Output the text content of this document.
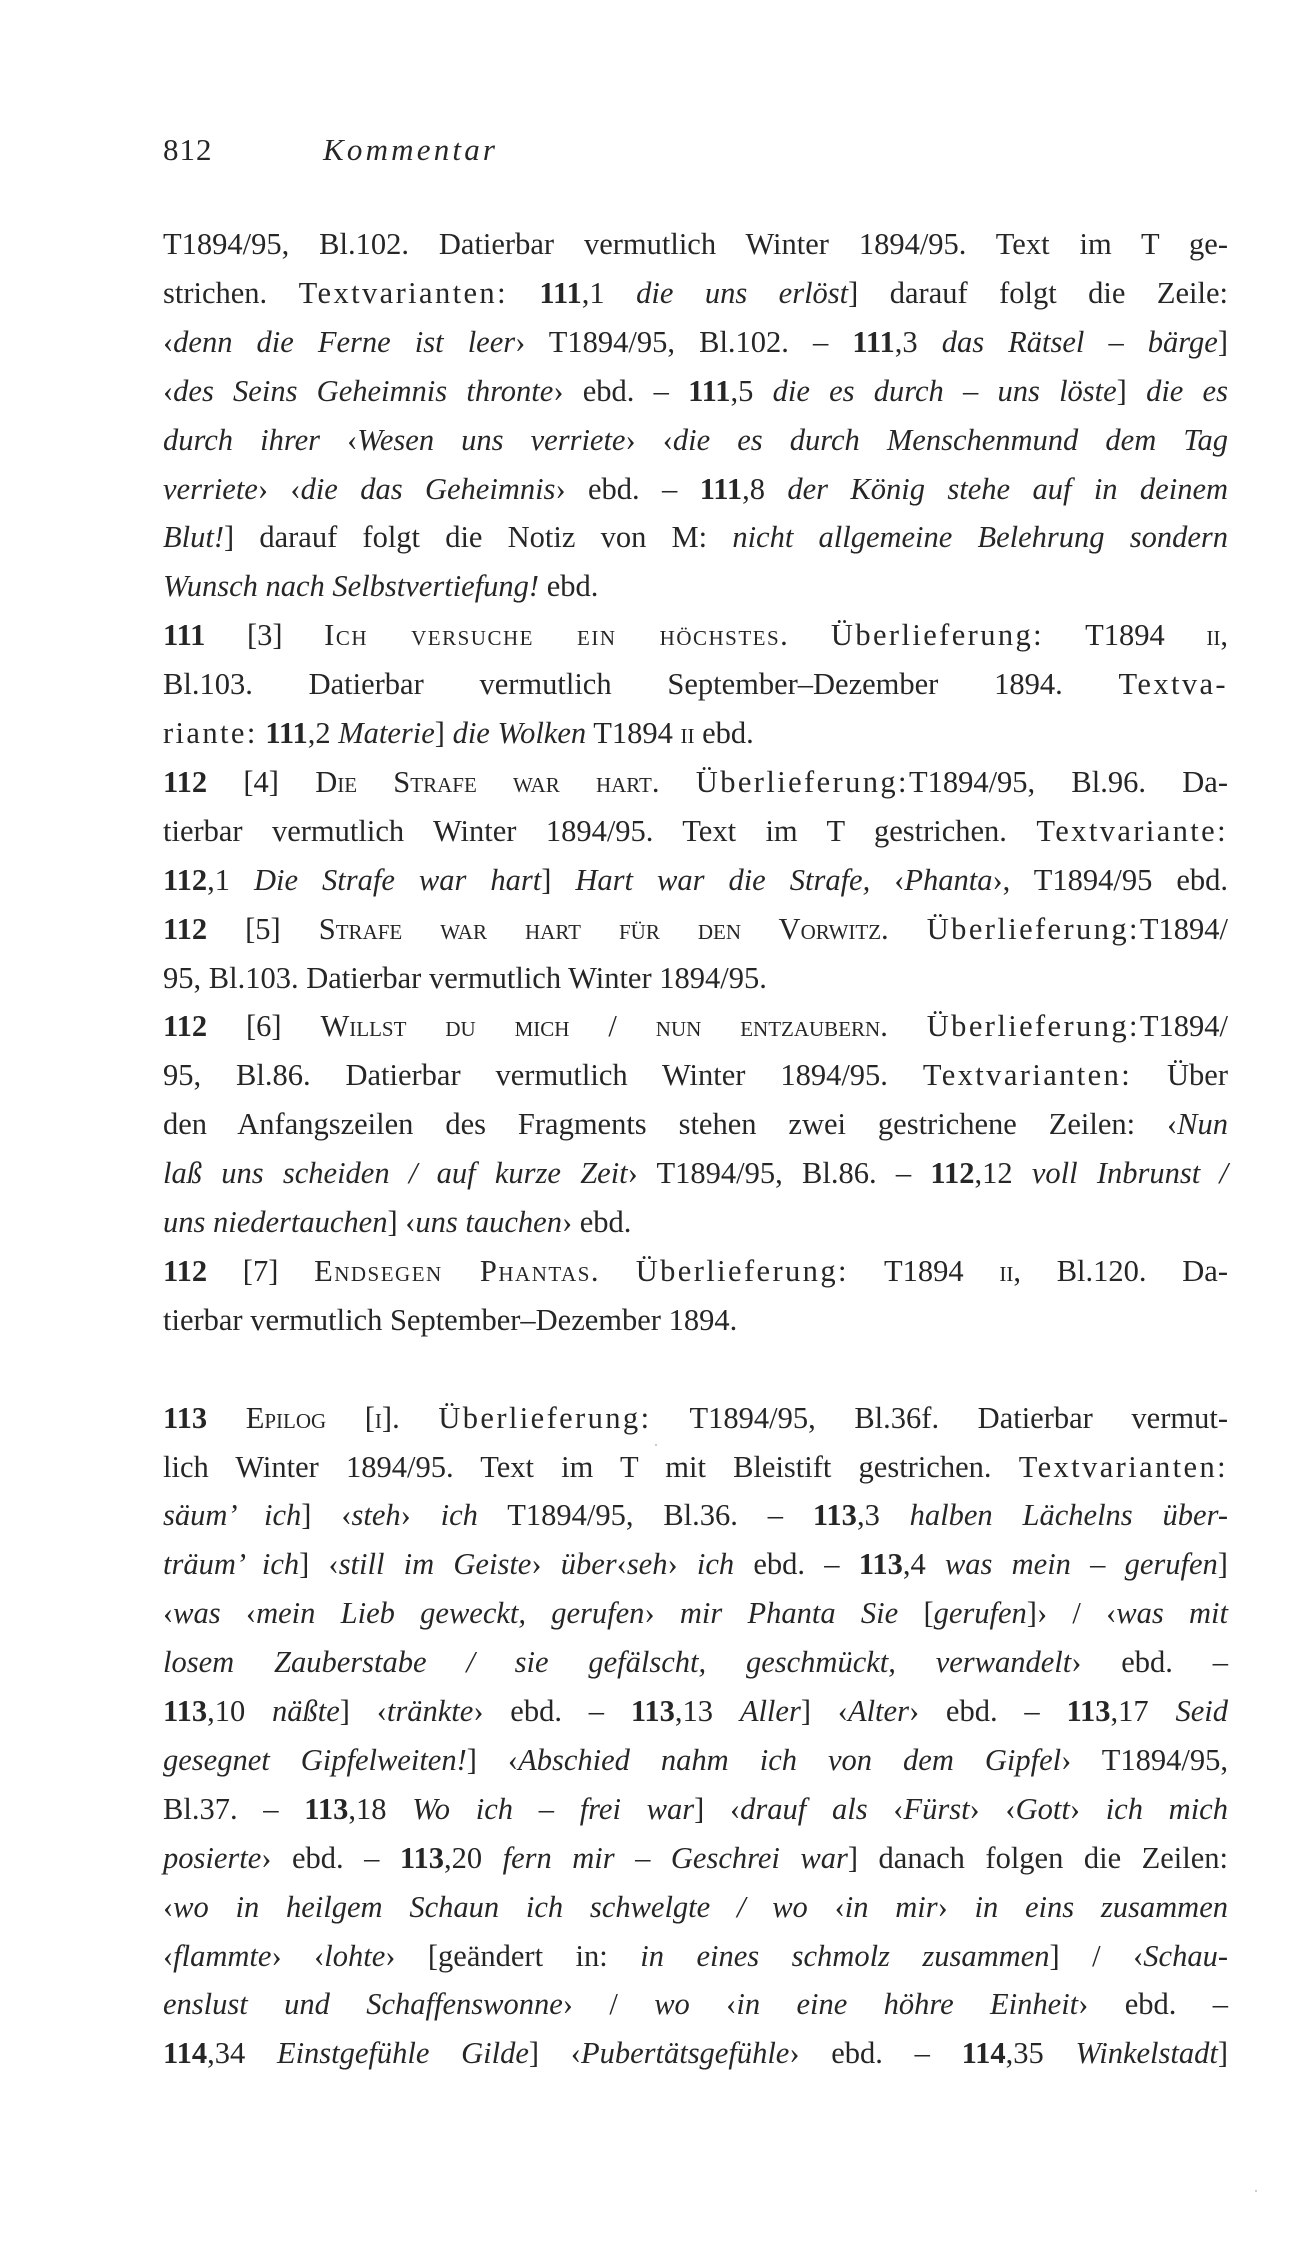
812	Kommentar
T1894/95, Bl.102. Datierbar vermutlich Winter 1894/95. Text im T ge-
strichen. Textvarianten: 111,1 die uns erlöst] darauf folgt die Zeile:
‹denn die Ferne ist leer› T1894/95, Bl.102. – 111,3 das Rätsel – bärge]
‹des Seins Geheimnis thronte› ebd. – 111,5 die es durch – uns löste] die es
durch ihrer ‹Wesen uns verriete› ‹die es durch Menschenmund dem Tag
verriete› ‹die das Geheimnis› ebd. – 111,8 der König stehe auf in deinem
Blut!] darauf folgt die Notiz von M: nicht allgemeine Belehrung sondern
Wunsch nach Selbstvertiefung! ebd.
111 [3] Ich versuche ein höchstes. Überlieferung: T1894 ii,
Bl.103. Datierbar vermutlich September–Dezember 1894. Textva-
riante: 111,2 Materie] die Wolken T1894 ii ebd.
112 [4] Die Strafe war hart. Überlieferung:T1894/95, Bl.96. Da-
tierbar vermutlich Winter 1894/95. Text im T gestrichen. Textvariante:
112,1 Die Strafe war hart] Hart war die Strafe, ‹Phanta›, T1894/95 ebd.
112 [5] Strafe war hart für den Vorwitz. Überlieferung:T1894/
95, Bl.103. Datierbar vermutlich Winter 1894/95.
112 [6] Willst du mich / nun entzaubern. Überlieferung:T1894/
95, Bl.86. Datierbar vermutlich Winter 1894/95. Textvarianten: Über
den Anfangszeilen des Fragments stehen zwei gestrichene Zeilen: ‹Nun
laß uns scheiden / auf kurze Zeit› T1894/95, Bl.86. – 112,12 voll Inbrunst /
uns niedertauchen] ‹uns tauchen› ebd.
112 [7] Endsegen Phantas. Überlieferung: T1894 ii, Bl.120. Da-
tierbar vermutlich September–Dezember 1894.
113 Epilog [i]. Überlieferung: T1894/95, Bl.36f. Datierbar vermut-
lich Winter 1894/95. Text im T mit Bleistift gestrichen. Textvarianten:
säum’ ich] ‹steh› ich T1894/95, Bl.36. – 113,3 halben Lächelns über-
träum’ ich] ‹still im Geiste› über‹seh› ich ebd. – 113,4 was mein – gerufen]
‹was ‹mein Lieb geweckt, gerufen› mir Phanta Sie [gerufen]› / ‹was mit
losem Zauberstabe / sie gefälscht, geschmückt, verwandelt› ebd. –
113,10 näßte] ‹tränkte› ebd. – 113,13 Aller] ‹Alter› ebd. – 113,17 Seid
gesegnet Gipfelweiten!] ‹Abschied nahm ich von dem Gipfel› T1894/95,
Bl.37. – 113,18 Wo ich – frei war] ‹drauf als ‹Fürst› ‹Gott› ich mich
posierte› ebd. – 113,20 fern mir – Geschrei war] danach folgen die Zeilen:
‹wo in heilgem Schaun ich schwelgte / wo ‹in mir› in eins zusammen
‹flammte› ‹lohte› [geändert in: in eines schmolz zusammen] / ‹Schau-
enslust und Schaffenswonne› / wo ‹in eine höhre Einheit› ebd. –
114,34 Einstgefühle Gilde] ‹Pubertätsgefühle› ebd. – 114,35 Winkelstadt]
